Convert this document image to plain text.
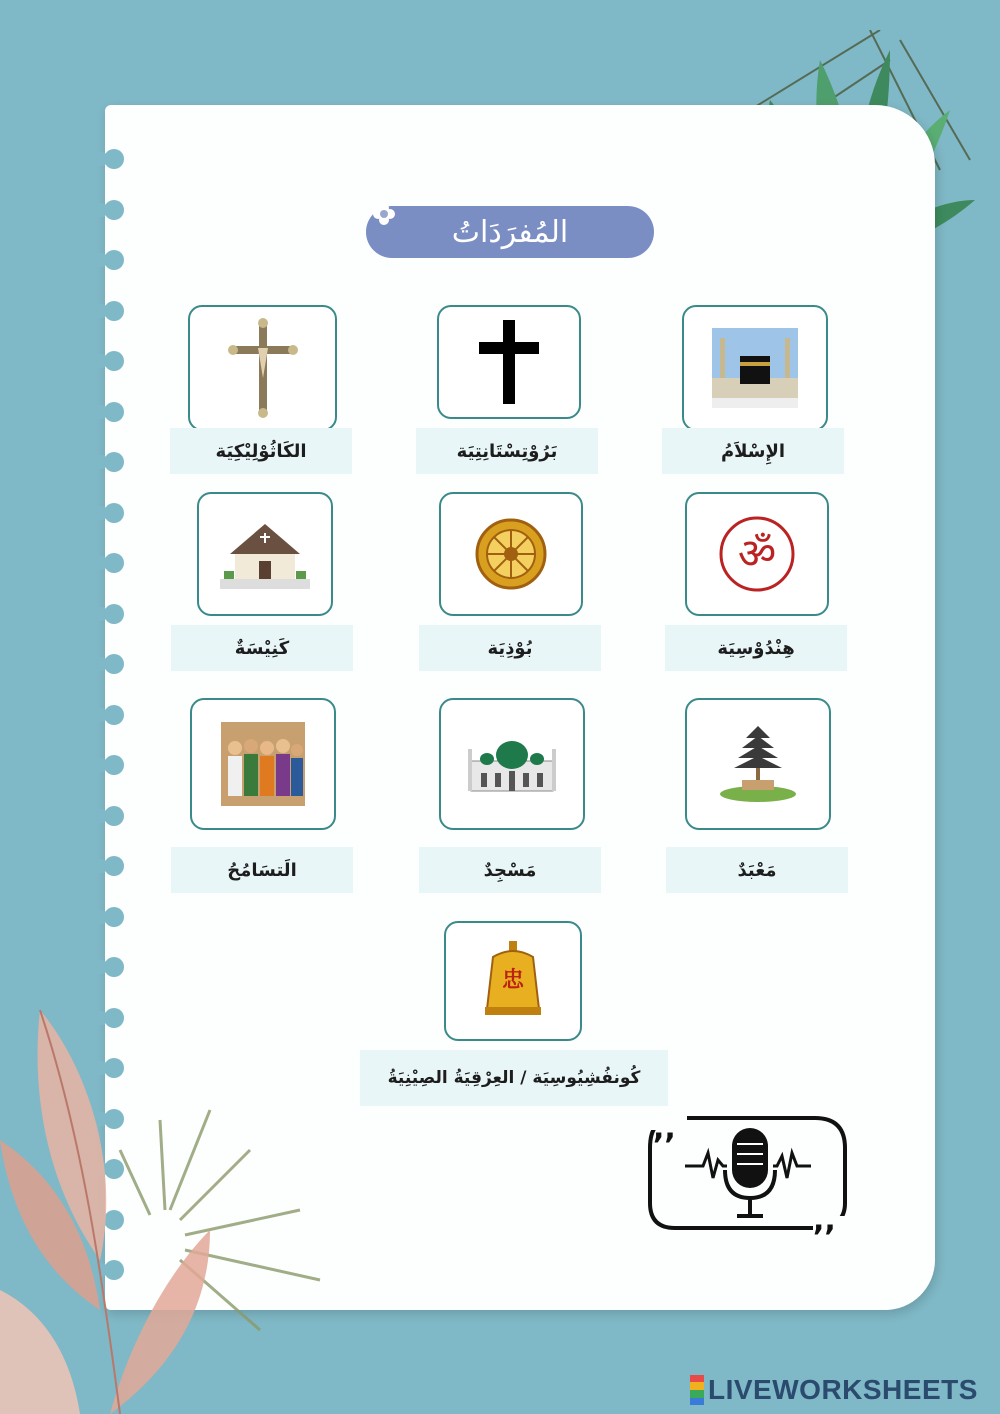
المُفرَدَاتُ
الإِسْلاَمُ
بَرُوْتِسْتَانِتِيَة
الكَاثُوْلِيْكِيَة
ॐ
هِنْدُوْسِيَة
بُوْذِيَة
كَنِيْسَةٌ
مَعْبَدٌ
مَسْجِدٌ
الَتسَامُحُ
忠
كُونفُشِيُوسِيَة / العِرْقِيَةُ الصِيْنِيَةُ
,,
,,
LIVEWORKSHEETS
